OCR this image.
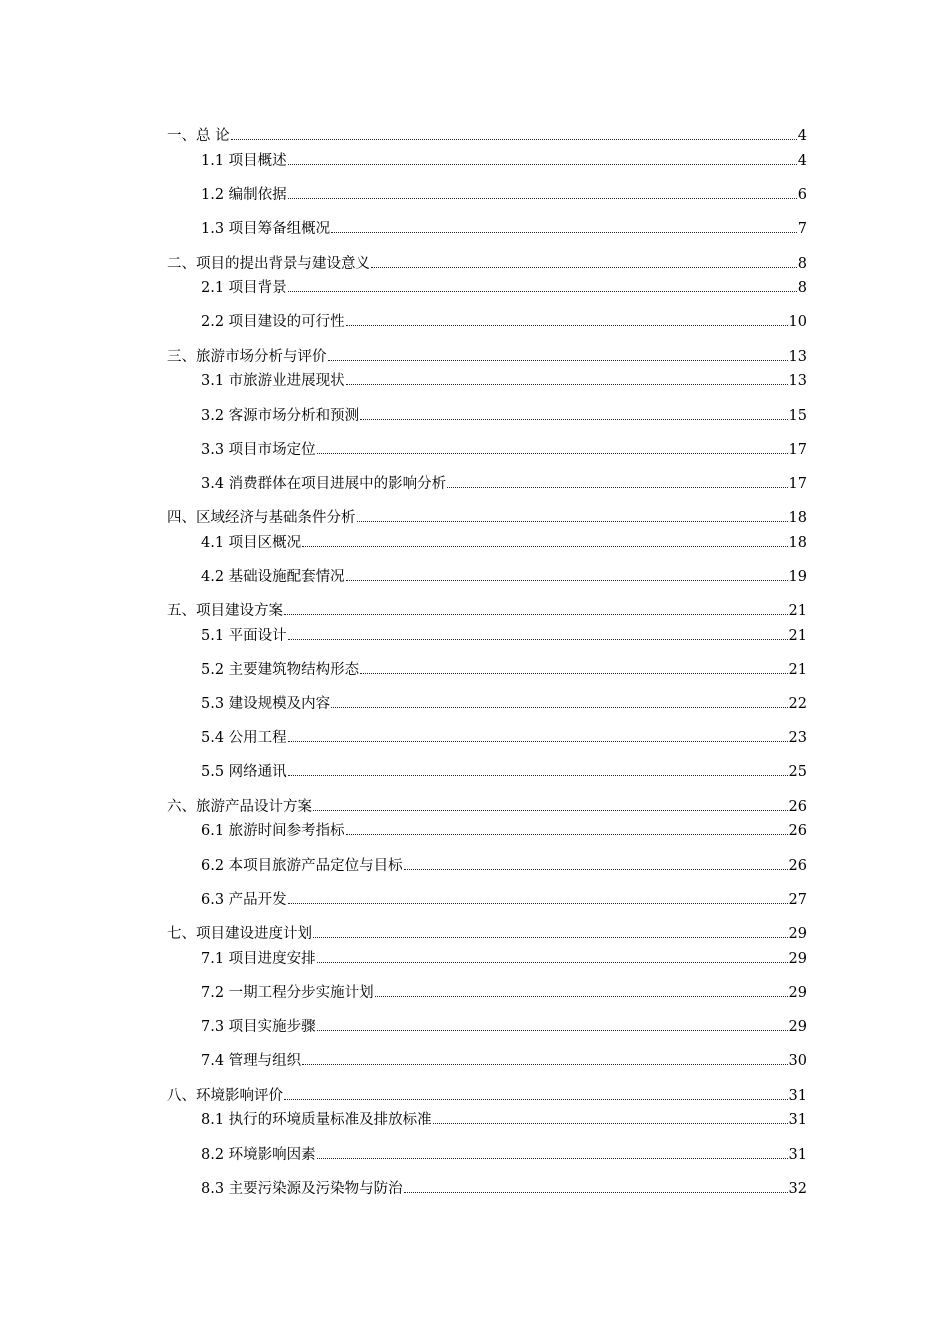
一、总 论	4
1.1 项目概述	4
1.2 编制依据	6
1.3 项目筹备组概况	7
二、项目的提出背景与建设意义	8
2.1 项目背景	8
2.2 项目建设的可行性	10
三、旅游市场分析与评价	13
3.1 市旅游业进展现状	13
3.2 客源市场分析和预测	15
3.3 项目市场定位	17
3.4 消费群体在项目进展中的影响分析	17
四、区域经济与基础条件分析	18
4.1 项目区概况	18
4.2 基础设施配套情况	19
五、项目建设方案	21
5.1 平面设计	21
5.2 主要建筑物结构形态	21
5.3 建设规模及内容	22
5.4 公用工程	23
5.5 网络通讯	25
六、旅游产品设计方案	26
6.1 旅游时间参考指标	26
6.2 本项目旅游产品定位与目标	26
6.3 产品开发	27
七、项目建设进度计划	29
7.1 项目进度安排	29
7.2 一期工程分步实施计划	29
7.3 项目实施步骤	29
7.4 管理与组织	30
八、环境影响评价	31
8.1 执行的环境质量标准及排放标准	31
8.2 环境影响因素	31
8.3 主要污染源及污染物与防治	32
